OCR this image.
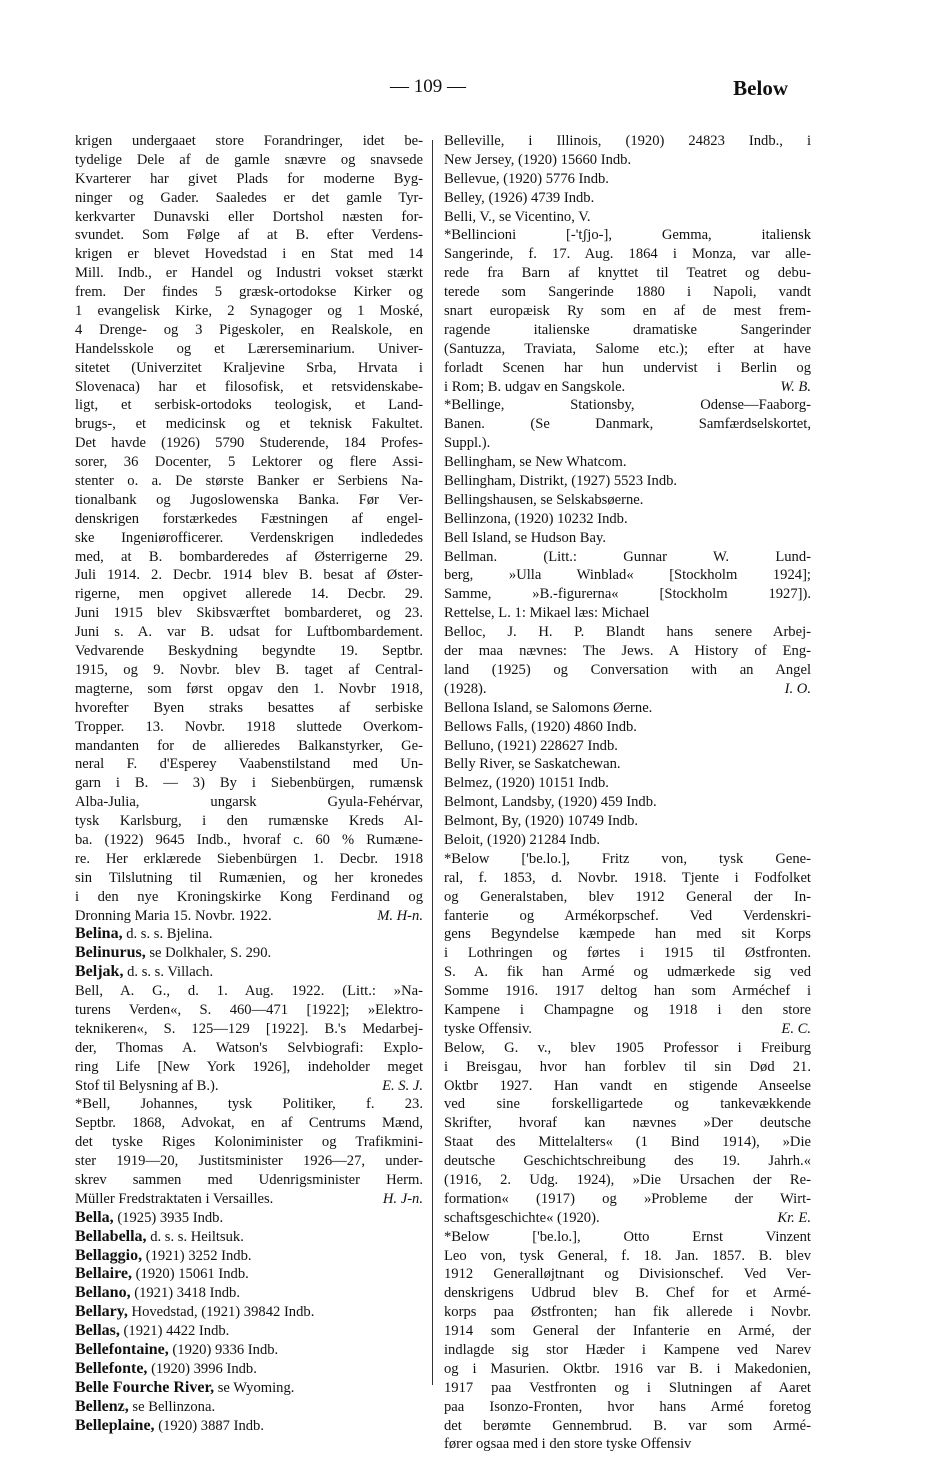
— 109 —	Below
krigen undergaaet store Forandringer, idet be-
tydelige Dele af de gamle snævre og snavsede
Kvarterer har givet Plads for moderne Byg-
ninger og Gader. Saaledes er det gamle Tyr-
kerkvarter Dunavski eller Dortshol næsten for-
svundet. Som Følge af at B. efter Verdens-
krigen er blevet Hovedstad i en Stat med 14
Mill. Indb., er Handel og Industri vokset stærkt
frem. Der findes 5 græsk-ortodokse Kirker og
1 evangelisk Kirke, 2 Synagoger og 1 Moské,
4 Drenge- og 3 Pigeskoler, en Realskole, en
Handelsskole og et Lærerseminarium. Univer-
sitetet (Univerzitet Kraljevine Srba, Hrvata i
Slovenaca) har et filosofisk, et retsvidenskabe-
ligt, et serbisk-ortodoks teologisk, et Land-
brugs-, et medicinsk og et teknisk Fakultet.
Det havde (1926) 5790 Studerende, 184 Profes-
sorer, 36 Docenter, 5 Lektorer og flere Assi-
stenter o. a. De største Banker er Serbiens Na-
tionalbank og Jugoslowenska Banka. Før Ver-
denskrigen forstærkedes Fæstningen af engel-
ske Ingeniørofficerer. Verdenskrigen indlededes
med, at B. bombarderedes af Østerrigerne 29.
Juli 1914. 2. Decbr. 1914 blev B. besat af Øster-
rigerne, men opgivet allerede 14. Decbr. 29.
Juni 1915 blev Skibsværftet bombarderet, og 23.
Juni s. A. var B. udsat for Luftbombardement.
Vedvarende Beskydning begyndte 19. Septbr.
1915, og 9. Novbr. blev B. taget af Central-
magterne, som først opgav den 1. Novbr 1918,
hvorefter Byen straks besattes af serbiske
Tropper. 13. Novbr. 1918 sluttede Overkom-
mandanten for de allieredes Balkanstyrker, Ge-
neral F. d'Esperey Vaabenstilstand med Un-
garn i B. — 3) By i Siebenbürgen, rumænsk
Alba-Julia, ungarsk Gyula-Fehérvar,
tysk Karlsburg, i den rumænske Kreds Al-
ba. (1922) 9645 Indb., hvoraf c. 60 % Rumæne-
re. Her erklærede Siebenbürgen 1. Decbr. 1918
sin Tilslutning til Rumænien, og her kronedes
i den nye Kroningskirke Kong Ferdinand og
Dronning Maria 15. Novbr. 1922.	M. H-n.
Belina, d. s. s. Bjelina.
Belinurus, se Dolkhaler, S. 290.
Beljak, d. s. s. Villach.
Bell, A. G., d. 1. Aug. 1922. (Litt.: »Na-
turens Verden«, S. 460—471 [1922]; »Elektro-
teknikeren«, S. 125—129 [1922]. B.'s Medarbej-
der, Thomas A. Watson's Selvbiografi: Explo-
ring Life [New York 1926], indeholder meget
Stof til Belysning af B.).	E. S. J.
*Bell, Johannes, tysk Politiker, f. 23.
Septbr. 1868, Advokat, en af Centrums Mænd,
det tyske Riges Koloniminister og Trafikmini-
ster 1919—20, Justitsminister 1926—27, under-
skrev sammen med Udenrigsminister Herm.
Müller Fredstraktaten i Versailles.	H. J-n.
Bella, (1925) 3935 Indb.
Bellabella, d. s. s. Heiltsuk.
Bellaggio, (1921) 3252 Indb.
Bellaire, (1920) 15061 Indb.
Bellano, (1921) 3418 Indb.
Bellary, Hovedstad, (1921) 39842 Indb.
Bellas, (1921) 4422 Indb.
Bellefontaine, (1920) 9336 Indb.
Bellefonte, (1920) 3996 Indb.
Belle Fourche River, se Wyoming.
Bellenz, se Bellinzona.
Belleplaine, (1920) 3887 Indb.
Belleville, i Illinois, (1920) 24823 Indb., i
New Jersey, (1920) 15660 Indb.
Bellevue, (1920) 5776 Indb.
Belley, (1926) 4739 Indb.
Belli, V., se Vicentino, V.
*Bellincioni [-'tʃjo-], Gemma, italiensk
Sangerinde, f. 17. Aug. 1864 i Monza, var alle-
rede fra Barn af knyttet til Teatret og debu-
terede som Sangerinde 1880 i Napoli, vandt
snart europæisk Ry som en af de mest frem-
ragende italienske dramatiske Sangerinder
(Santuzza, Traviata, Salome etc.); efter at have
forladt Scenen har hun undervist i Berlin og
i Rom; B. udgav en Sangskole.	W. B.
*Bellinge, Stationsby, Odense—Faaborg-
Banen. (Se Danmark, Samfærdselskortet,
Suppl.).
Bellingham, se New Whatcom.
Bellingham, Distrikt, (1927) 5523 Indb.
Bellingshausen, se Selskabsøerne.
Bellinzona, (1920) 10232 Indb.
Bell Island, se Hudson Bay.
Bellman. (Litt.: Gunnar W. Lund-
berg, »Ulla Winblad« [Stockholm 1924];
Samme, »B.-figurerna« [Stockholm 1927]).
Rettelse, L. 1: Mikael læs: Michael
Belloc, J. H. P. Blandt hans senere Arbej-
der maa nævnes: The Jews. A History of Eng-
land (1925) og Conversation with an Angel
(1928).	I. O.
Bellona Island, se Salomons Øerne.
Bellows Falls, (1920) 4860 Indb.
Belluno, (1921) 228627 Indb.
Belly River, se Saskatchewan.
Belmez, (1920) 10151 Indb.
Belmont, Landsby, (1920) 459 Indb.
Belmont, By, (1920) 10749 Indb.
Beloit, (1920) 21284 Indb.
*Below ['be.lo.], Fritz von, tysk Gene-
ral, f. 1853, d. Novbr. 1918. Tjente i Fodfolket
og Generalstaben, blev 1912 General der In-
fanterie og Armékorpschef. Ved Verdenskri-
gens Begyndelse kæmpede han med sit Korps
i Lothringen og førtes i 1915 til Østfronten.
S. A. fik han Armé og udmærkede sig ved
Somme 1916. 1917 deltog han som Arméchef i
Kampene i Champagne og 1918 i den store
tyske Offensiv.	E. C.
Below, G. v., blev 1905 Professor i Freiburg
i Breisgau, hvor han forblev til sin Død 21.
Oktbr 1927. Han vandt en stigende Anseelse
ved sine forskelligartede og tankevækkende
Skrifter, hvoraf kan nævnes »Der deutsche
Staat des Mittelalters« (1 Bind 1914), »Die
deutsche Geschichtschreibung des 19. Jahrh.«
(1916, 2. Udg. 1924), »Die Ursachen der Re-
formation« (1917) og »Probleme der Wirt-
schaftsgeschichte« (1920).	Kr. E.
*Below ['be.lo.], Otto Ernst Vinzent
Leo von, tysk General, f. 18. Jan. 1857. B. blev
1912 Generalløjtnant og Divisionschef. Ved Ver-
denskrigens Udbrud blev B. Chef for et Armé-
korps paa Østfronten; han fik allerede i Novbr.
1914 som General der Infanterie en Armé, der
indlagde sig stor Hæder i Kampene ved Narev
og i Masurien. Oktbr. 1916 var B. i Makedonien,
1917 paa Vestfronten og i Slutningen af Aaret
paa Isonzo-Fronten, hvor hans Armé foretog
det berømte Gennembrud. B. var som Armé-
fører ogsaa med i den store tyske Offensiv
